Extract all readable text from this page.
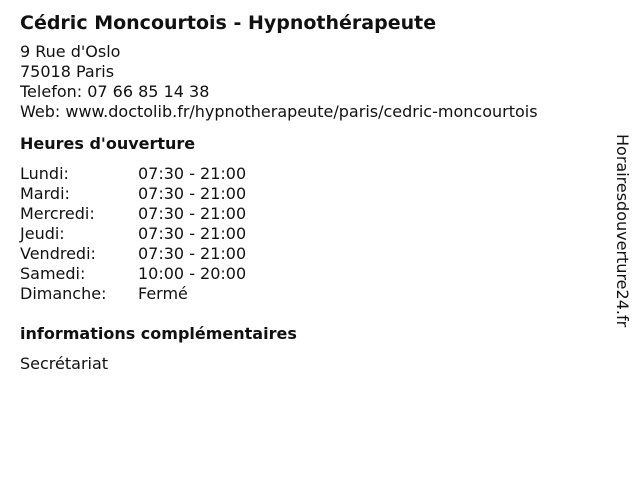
Cédric Moncourtois - Hypnothérapeute
9 Rue d'Oslo
75018 Paris
Telefon: 07 66 85 14 38
Web: www.doctolib.fr/hypnotherapeute/paris/cedric-moncourtois
Heures d'ouverture
Lundi:	07:30 - 21:00
Mardi:	07:30 - 21:00
Mercredi:	07:30 - 21:00
Jeudi:	07:30 - 21:00
Vendredi:	07:30 - 21:00
Samedi:	10:00 - 20:00
Dimanche:	Fermé
informations complémentaires
Secrétariat
Horairesdouverture24.fr
